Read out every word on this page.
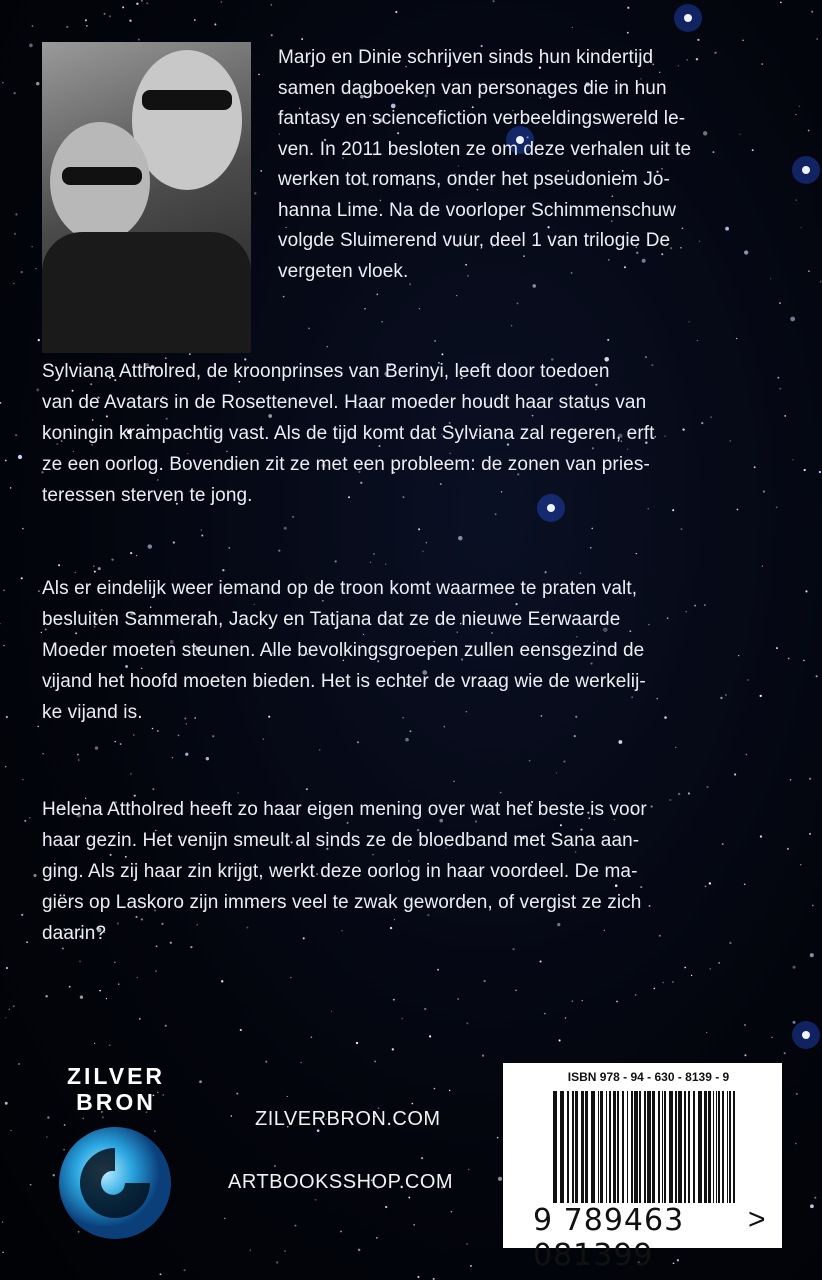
Marjo en Dinie schrijven sinds hun kindertijd
samen dagboeken van personages die in hun
fantasy en sciencefiction verbeeldingswereld le-
ven. In 2011 besloten ze om deze verhalen uit te
werken tot romans, onder het pseudoniem Jo-
hanna Lime. Na de voorloper Schimmenschuw
volgde Sluimerend vuur, deel 1 van trilogie De
vergeten vloek.
Sylviana Attholred, de kroonprinses van Berinyi, leeft door toedoen
van de Avatars in de Rosettenevel. Haar moeder houdt haar status van
koningin krampachtig vast. Als de tijd komt dat Sylviana zal regeren, erft
ze een oorlog. Bovendien zit ze met een probleem: de zonen van pries-
teressen sterven te jong.
Als er eindelijk weer iemand op de troon komt waarmee te praten valt,
besluiten Sammerah, Jacky en Tatjana dat ze de nieuwe Eerwaarde
Moeder moeten steunen. Alle bevolkingsgroepen zullen eensgezind de
vijand het hoofd moeten bieden. Het is echter de vraag wie de werkelij-
ke vijand is.
Helena Attholred heeft zo haar eigen mening over wat het beste is voor
haar gezin. Het venijn smeult al sinds ze de bloedband met Sana aan-
ging. Als zij haar zin krijgt, werkt deze oorlog in haar voordeel. De ma-
giërs op Laskoro zijn immers veel te zwak geworden, of vergist ze zich
daarin?
ZILVER
BRON
ZILVERBRON.COM
ARTBOOKSSHOP.COM
ISBN 978 - 94 - 630 - 8139 - 9
9 789463 081399
>
